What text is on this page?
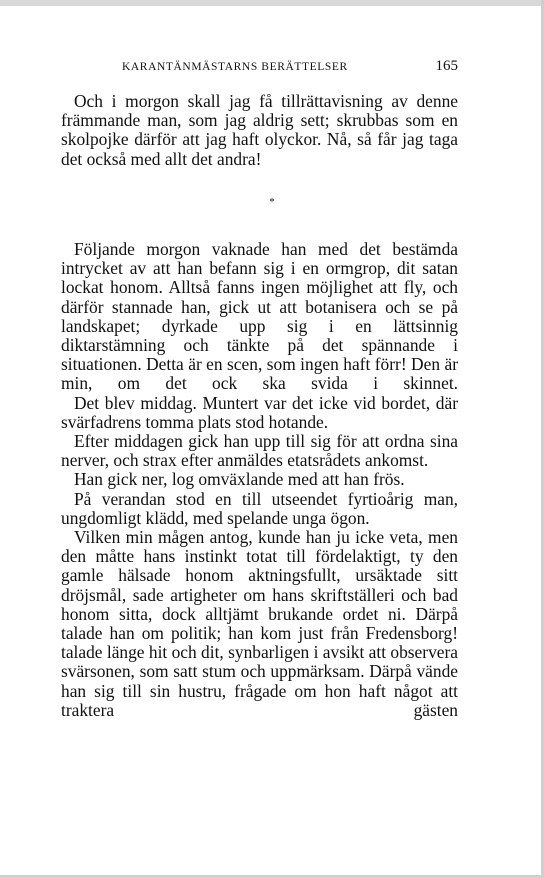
KARANTÄNMÄSTARNS BERÄTTELSER	165

Och i morgon skall jag få tillrättavisning av denne främmande man, som jag aldrig sett; skrubbas som en skolpojke därför att jag haft olyckor. Nå, så får jag taga det också med allt det andra!

*

Följande morgon vaknade han med det bestämda intrycket av att han befann sig i en ormgrop, dit satan lockat honom. Alltså fanns ingen möjlighet att fly, och därför stannade han, gick ut att botanisera och se på landskapet; dyrkade upp sig i en lättsinnig diktarstämning och tänkte på det spännande i situationen. Detta är en scen, som ingen haft förr! Den är min, om det ock ska svida i skinnet.

Det blev middag. Muntert var det icke vid bordet, där svärfadrens tomma plats stod hotande.

Efter middagen gick han upp till sig för att ordna sina nerver, och strax efter anmäldes etatsrådets ankomst.

Han gick ner, log omväxlande med att han frös.

På verandan stod en till utseendet fyrtioårig man, ungdomligt klädd, med spelande unga ögon.

Vilken min mågen antog, kunde han ju icke veta, men den måtte hans instinkt totat till fördelaktigt, ty den gamle hälsade honom aktningsfullt, ursäktade sitt dröjsmål, sade artigheter om hans skriftställeri och bad honom sitta, dock alltjämt brukande ordet ni. Därpå talade han om politik; han kom just från Fredensborg! talade länge hit och dit, synbarligen i avsikt att observera svärsonen, som satt stum och uppmärksam. Därpå vände han sig till sin hustru, frågade om hon haft något att traktera gästen
